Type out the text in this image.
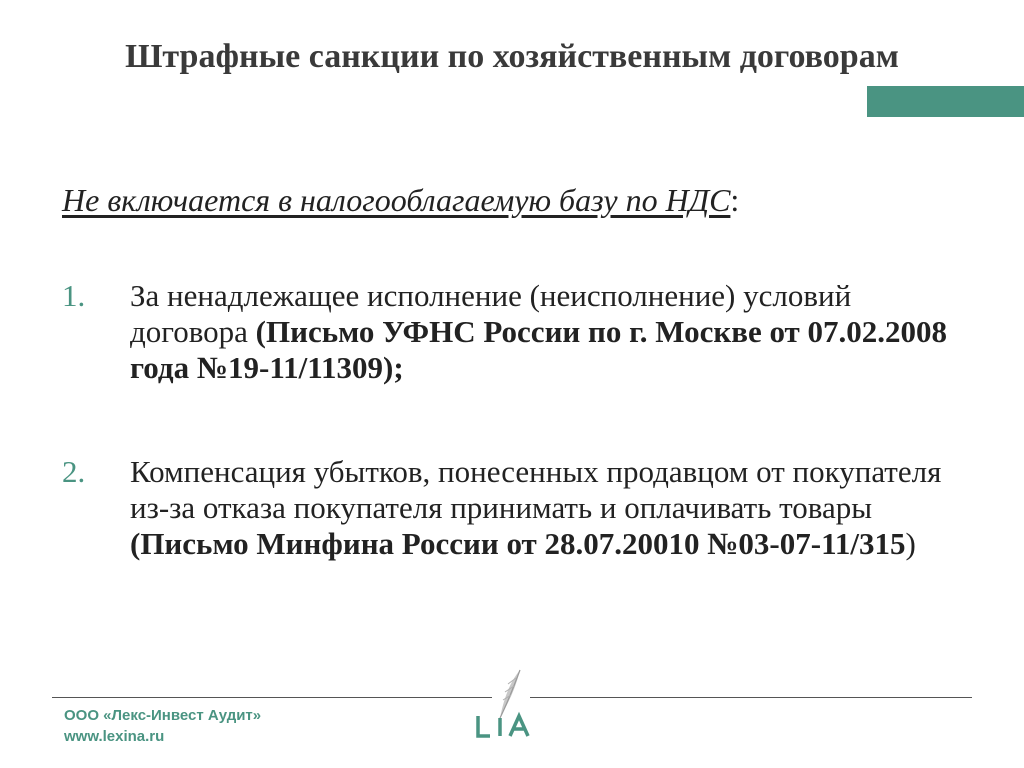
Штрафные санкции по хозяйственным договорам
Не включается в налогооблагаемую базу по НДС:
1. За ненадлежащее исполнение (неисполнение) условий договора (Письмо УФНС России по г. Москве от 07.02.2008 года №19-11/11309);
2. Компенсация убытков, понесенных продавцом от покупателя из-за отказа покупателя принимать и оплачивать товары (Письмо Минфина России от 28.07.20010 №03-07-11/315)
ООО «Лекс-Инвест Аудит»
www.lexina.ru
